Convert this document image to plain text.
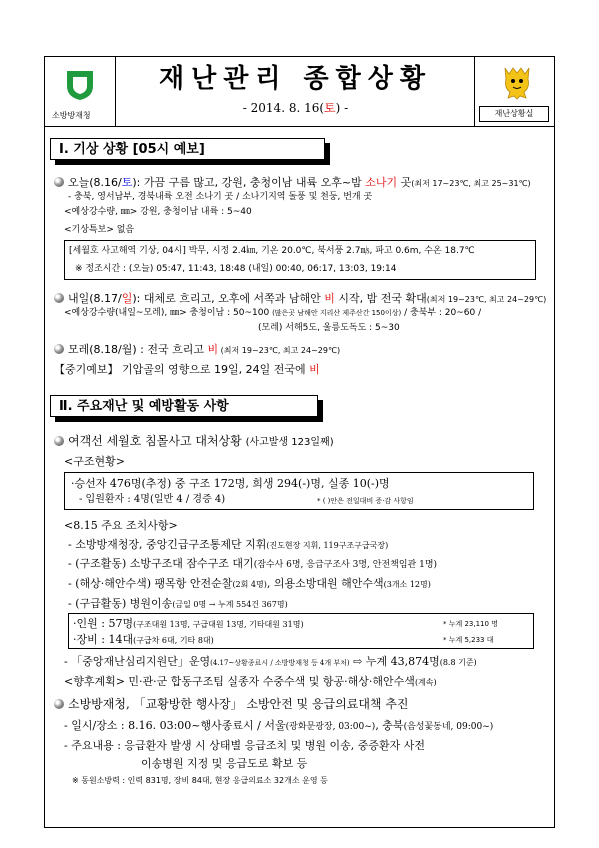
소방방재청
재난관리 종합상황
- 2014. 8. 16(토) -	재난상황실
Ⅰ. 기상 상황 [05시 예보]
오늘(8.16/토): 가끔 구름 많고, 강원, 충청이남 내륙 오후~밤 소나기 곳(최저 17~23℃, 최고 25~31℃)
- 충북, 영서남부, 경북내륙 오전 소나기 곳 / 소나기지역 돌풍 및 천둥, 번개 곳
<예상강수량, ㎜> 강원, 충청이남 내륙 : 5~40
<기상특보> 없음
[세월호 사고해역 기상, 04시] 박무, 시정 2.4㎞, 기온 20.0℃, 북서풍 2.7㎧, 파고 0.6m, 수온 18.7℃
※ 정조시간 : (오늘) 05:47, 11:43, 18:48 (내일) 00:40, 06:17, 13:03, 19:14
내일(8.17/일): 대체로 흐리고, 오후에 서쪽과 남해안 비 시작, 밤 전국 확대(최저 19~23℃, 최고 24~29℃)
<예상강수량(내일~모레), ㎜> 충청이남 : 50~100 (많은곳 남해안 지리산 제주산간 150이상) / 충북부 : 20~60 /
(모레) 서해5도, 울릉도독도 : 5~30
모레(8.18/월) : 전국 흐리고 비 (최저 19~23℃, 최고 24~29℃)
【중기예보】 기압골의 영향으로 19일, 24일 전국에 비
Ⅱ. 주요재난 및 예방활동 사항
여객선 세월호 침몰사고 대처상황 (사고발생 123일째)
<구조현황>
·승선자 476명(추정) 중 구조 172명, 희생 294(-)명, 실종 10(-)명
- 입원환자 : 4명(일반 4 / 경증 4)	* ( )안은 전일대비 증·감 사항임
<8.15 주요 조치사항>
- 소방방재청장, 중앙긴급구조통제단 지휘(진도현장 지휘, 119구조구급국장)
- (구조활동) 소방구조대 잠수구조 대기(잠수사 6명, 응급구조사 3명, 안전책임관 1명)
- (해상·해안수색) 팽목항 안전순찰(2회 4명), 의용소방대원 해안수색(3개소 12명)
- (구급활동) 병원이송(금일 0명 → 누계 554건 367명)
·인원 : 57명(구조대원 13명, 구급대원 13명, 기타대원 31명)	* 누계 23,110 명
·장비 : 14대(구급차 6대, 기타 8대)	* 누계 5,233 대
- 「중앙재난심리지원단」운영(4.17~상황종료시 / 소방방재청 등 4개 부처) ⇨ 누계 43,874명(8.8 기준)
<향후계획> 민·관·군 합동구조팀 실종자 수중수색 및 항공·해상·해안수색(계속)
소방방재청, 「교황방한 행사장」 소방안전 및 응급의료대책 추진
- 일시/장소 : 8.16. 03:00~행사종료시 / 서울(광화문광장, 03:00~), 충북(음성꽃동네, 09:00~)
- 주요내용 : 응급환자 발생 시 상태별 응급조치 및 병원 이송, 중증환자 사전
이송병원 지정 및 응급도로 확보 등
※ 동원소방력 : 인력 831명, 장비 84대, 현장 응급의료소 32개소 운영 등
